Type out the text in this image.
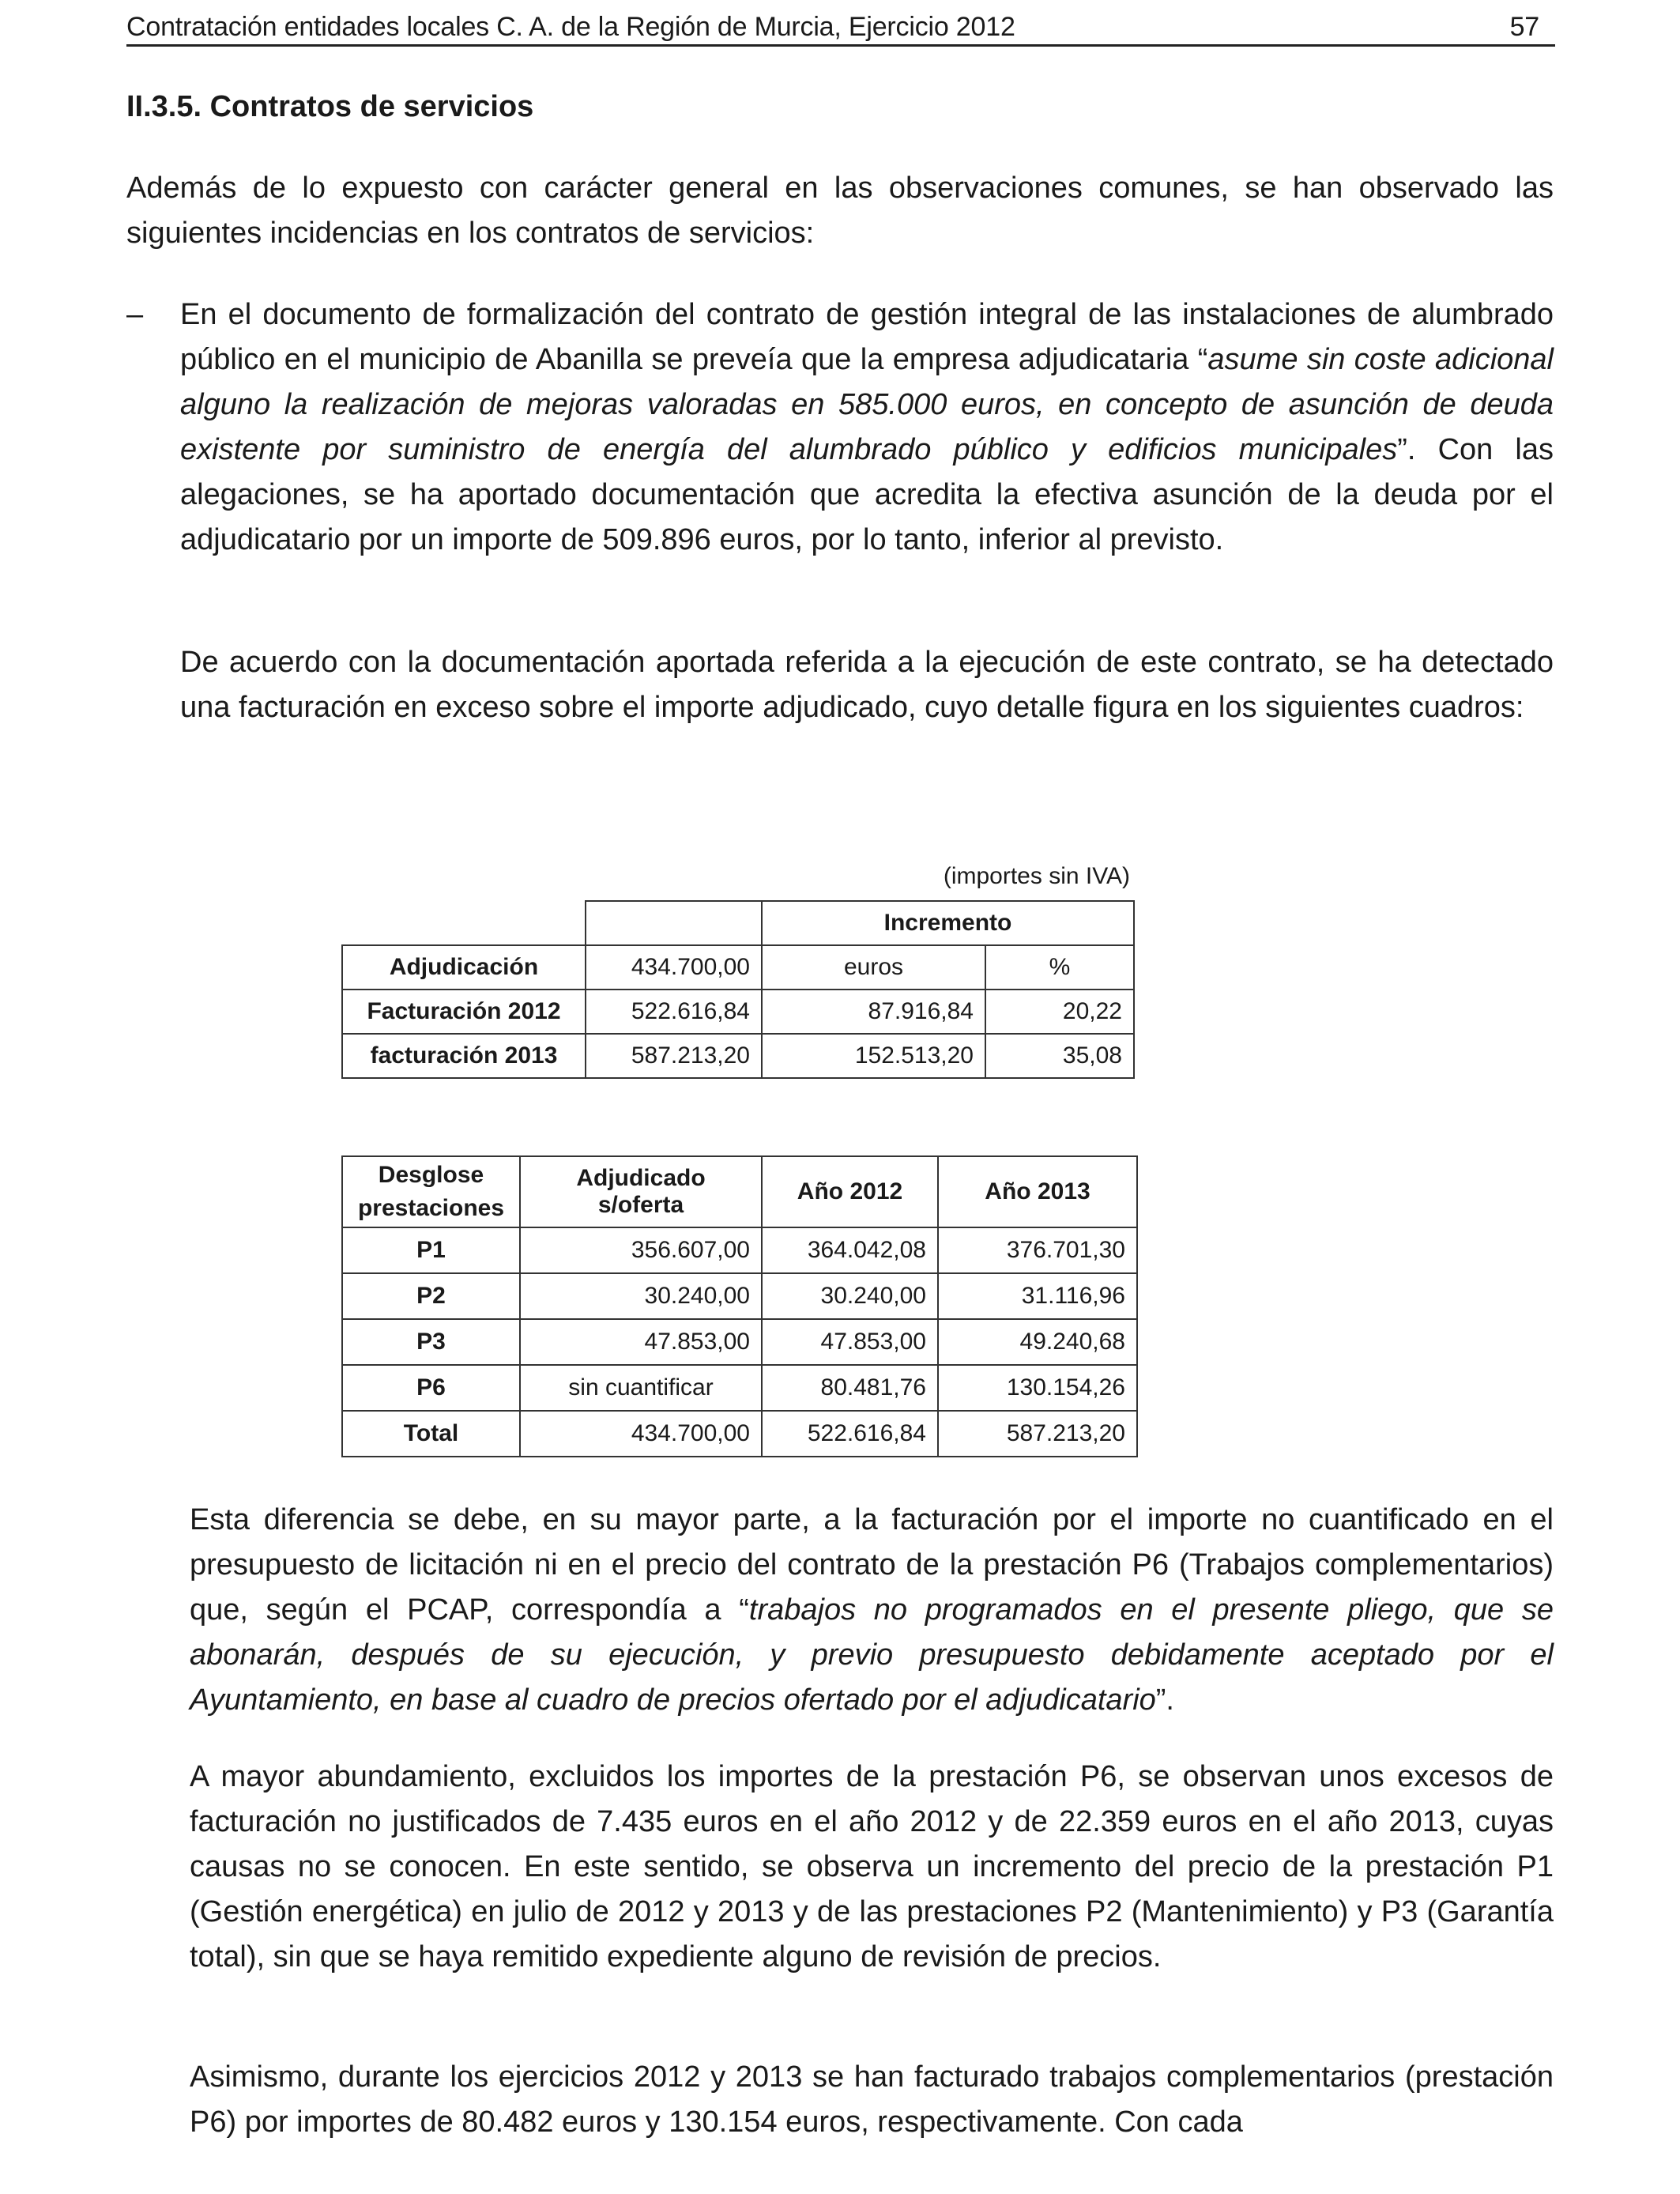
Contratación entidades locales C. A. de la Región de Murcia, Ejercicio 2012	57
II.3.5. Contratos de servicios

Además de lo expuesto con carácter general en las observaciones comunes, se han observado las siguientes incidencias en los contratos de servicios:

– En el documento de formalización del contrato de gestión integral de las instalaciones de alumbrado público en el municipio de Abanilla se preveía que la empresa adjudicataria “asume sin coste adicional alguno la realización de mejoras valoradas en 585.000 euros, en concepto de asunción de deuda existente por suministro de energía del alumbrado público y edificios municipales”. Con las alegaciones, se ha aportado documentación que acredita la efectiva asunción de la deuda por el adjudicatario por un importe de 509.896 euros, por lo tanto, inferior al previsto.

De acuerdo con la documentación aportada referida a la ejecución de este contrato, se ha detectado una facturación en exceso sobre el importe adjudicado, cuyo detalle figura en los siguientes cuadros:

(importes sin IVA)
		Incremento	
Adjudicación	434.700,00	euros	%
Facturación 2012	522.616,84	87.916,84	20,22
facturación 2013	587.213,20	152.513,20	35,08
Desglose
prestaciones	Adjudicado s/oferta	Año 2012	Año 2013
P1	356.607,00	364.042,08	376.701,30
P2	30.240,00	30.240,00	31.116,96
P3	47.853,00	47.853,00	49.240,68
P6	sin cuantificar	80.481,76	130.154,26
Total	434.700,00	522.616,84	587.213,20

Esta diferencia se debe, en su mayor parte, a la facturación por el importe no cuantificado en el presupuesto de licitación ni en el precio del contrato de la prestación P6 (Trabajos complementarios) que, según el PCAP, correspondía a “trabajos no programados en el presente pliego, que se abonarán, después de su ejecución, y previo presupuesto debidamente aceptado por el Ayuntamiento, en base al cuadro de precios ofertado por el adjudicatario”.

A mayor abundamiento, excluidos los importes de la prestación P6, se observan unos excesos de facturación no justificados de 7.435 euros en el año 2012 y de 22.359 euros en el año 2013, cuyas causas no se conocen. En este sentido, se observa un incremento del precio de la prestación P1 (Gestión energética) en julio de 2012 y 2013 y de las prestaciones P2 (Mantenimiento) y P3 (Garantía total), sin que se haya remitido expediente alguno de revisión de precios.

Asimismo, durante los ejercicios 2012 y 2013 se han facturado trabajos complementarios (prestación P6) por importes de 80.482 euros y 130.154 euros, respectivamente. Con cada
